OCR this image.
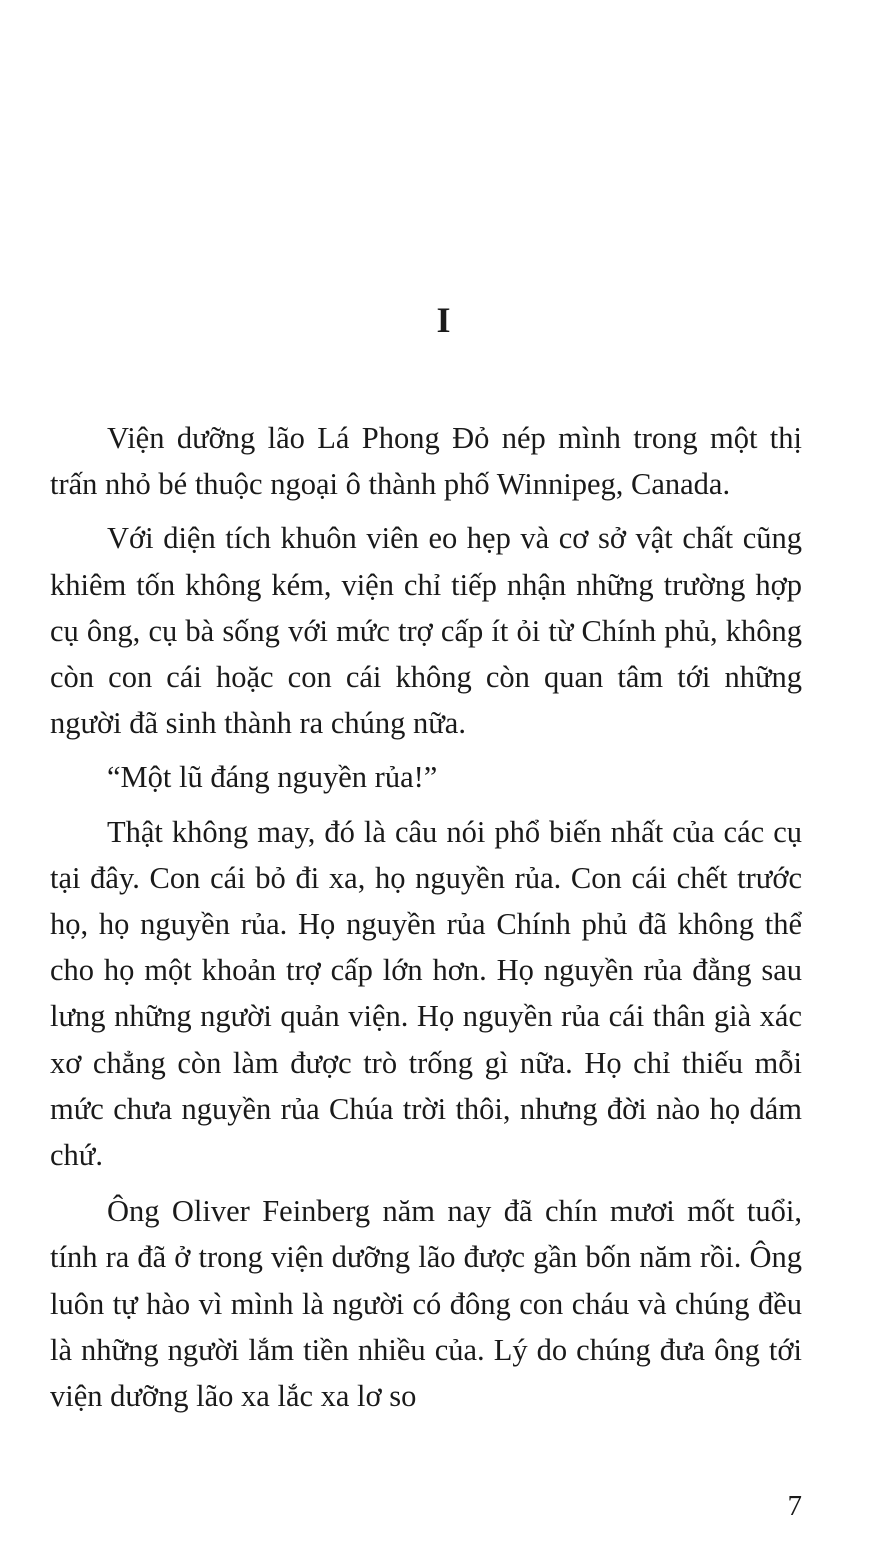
I

Viện dưỡng lão Lá Phong Đỏ nép mình trong một thị trấn nhỏ bé thuộc ngoại ô thành phố Winnipeg, Canada.

Với diện tích khuôn viên eo hẹp và cơ sở vật chất cũng khiêm tốn không kém, viện chỉ tiếp nhận những trường hợp cụ ông, cụ bà sống với mức trợ cấp ít ỏi từ Chính phủ, không còn con cái hoặc con cái không còn quan tâm tới những người đã sinh thành ra chúng nữa.

“Một lũ đáng nguyền rủa!”

Thật không may, đó là câu nói phổ biến nhất của các cụ tại đây. Con cái bỏ đi xa, họ nguyền rủa. Con cái chết trước họ, họ nguyền rủa. Họ nguyền rủa Chính phủ đã không thể cho họ một khoản trợ cấp lớn hơn. Họ nguyền rủa đằng sau lưng những người quản viện. Họ nguyền rủa cái thân già xác xơ chẳng còn làm được trò trống gì nữa. Họ chỉ thiếu mỗi mức chưa nguyền rủa Chúa trời thôi, nhưng đời nào họ dám chứ.

Ông Oliver Feinberg năm nay đã chín mươi mốt tuổi, tính ra đã ở trong viện dưỡng lão được gần bốn năm rồi. Ông luôn tự hào vì mình là người có đông con cháu và chúng đều là những người lắm tiền nhiều của. Lý do chúng đưa ông tới viện dưỡng lão xa lắc xa lơ so

7
